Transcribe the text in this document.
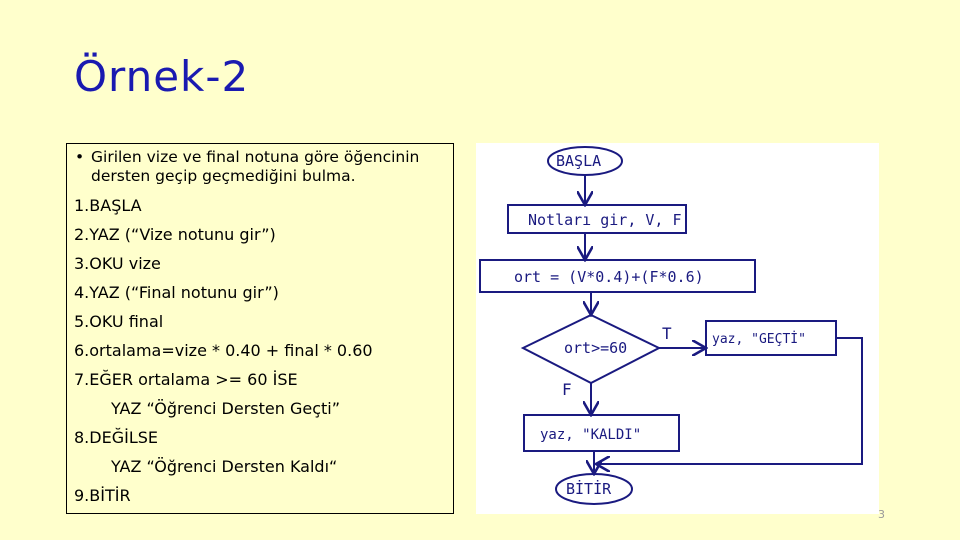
Örnek-2
• Girilen vize ve final notuna göre öğencinin dersten geçip geçmediğini bulma.
1.BAŞLA
2.YAZ (“Vize notunu gir”)
3.OKU vize
4.YAZ (“Final notunu gir”)
5.OKU final
6.ortalama=vize * 0.40 + final * 0.60
7.EĞER ortalama >= 60 İSE
YAZ “Öğrenci Dersten Geçti”
8.DEĞİLSE
YAZ “Öğrenci Dersten Kaldı“
9.BİTİR
BAŞLA
Notları gir, V, F
ort = (V*0.4)+(F*0.6)
ort>=60
T
F
yaz, "GEÇTİ"
yaz, "KALDI"
BİTİR
3
